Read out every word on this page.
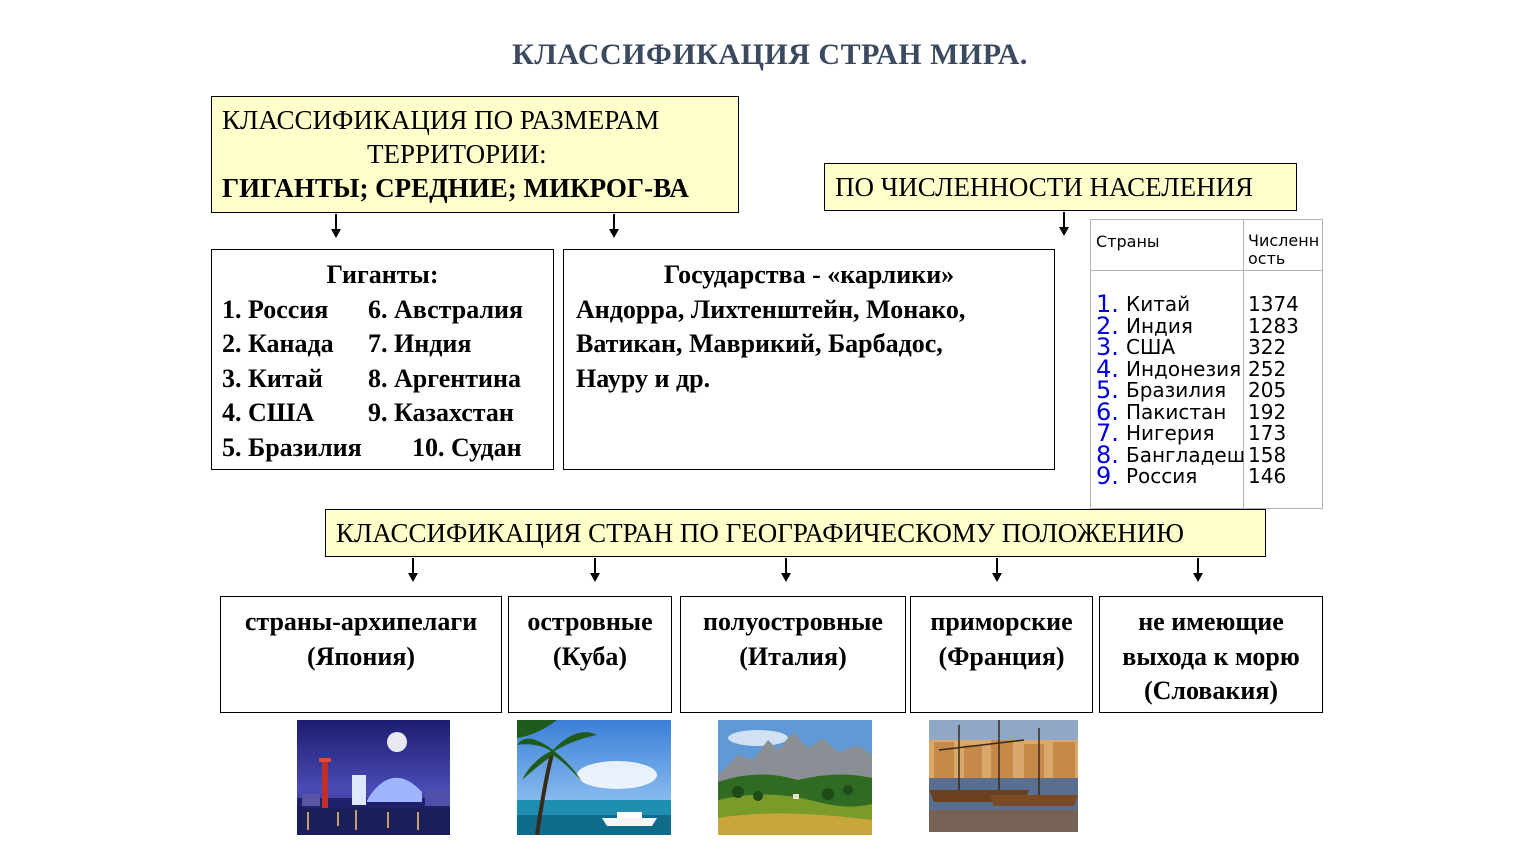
КЛАССИФИКАЦИЯ СТРАН МИРА.
КЛАССИФИКАЦИЯ ПО РАЗМЕРАМ
ТЕРРИТОРИИ:
ГИГАНТЫ; СРЕДНИЕ; МИКРОГ-ВА	ПО ЧИСЛЕННОСТИ НАСЕЛЕНИЯ
Гиганты:
1. Россия	6. Австралия
2. Канада	7. Индия
3. Китай	8. Аргентина
4. США	9. Казахстан
5. Бразилия	10. Судан
Государства - «карлики»
Андорра, Лихтенштейн, Монако,
Ватикан, Маврикий, Барбадос,
Науру и др.
Страны	Численн
ость
1. Китай	1374
2. Индия	1283
3. США	322
4. Индонезия 252
5. Бразилия 205
6. Пакистан 192
7. Нигерия 173
8. Бангладеш 158
9. Россия	146
КЛАССИФИКАЦИЯ СТРАН ПО ГЕОГРАФИЧЕСКОМУ ПОЛОЖЕНИЮ
страны-архипелаги
(Япония)
островные
(Куба)
полуостровные
(Италия)
приморские
(Франция)
не имеющие
выхода к морю
(Словакия)
